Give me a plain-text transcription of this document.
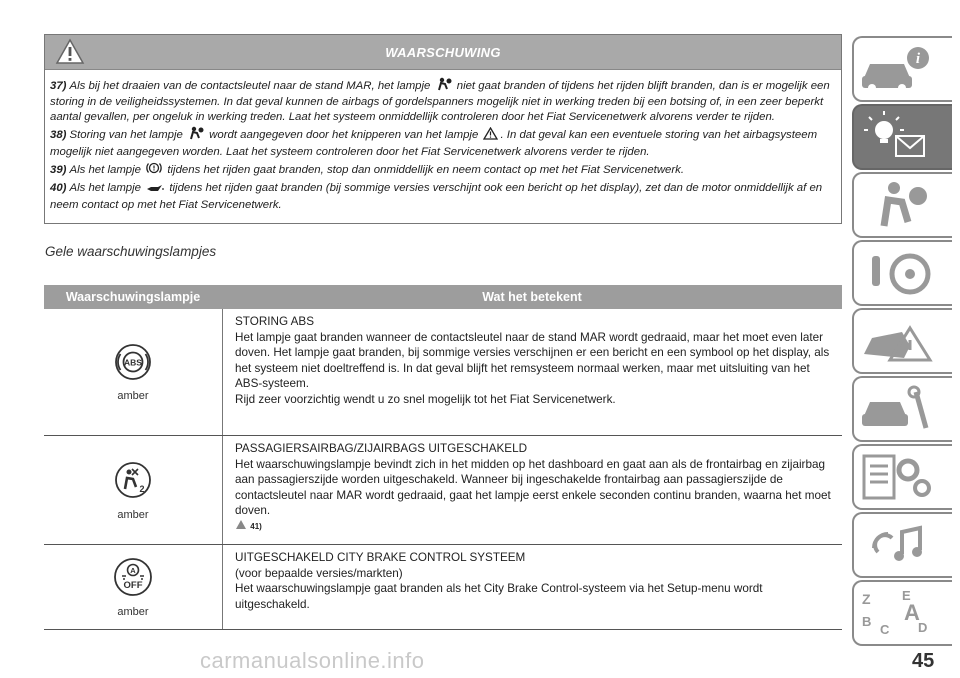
WAARSCHUWING

37) Als bij het draaien van de contactsleutel naar de stand MAR, het lampje niet gaat branden of tijdens het rijden blijft branden, dan is er mogelijk een storing in de veiligheidssystemen. In dat geval kunnen de airbags of gordelspanners mogelijk niet in werking treden bij een botsing of, in een zeer beperkt aantal gevallen, per ongeluk in werking treden. Laat het systeem onmiddellijk controleren door het Fiat Servicenetwerk alvorens verder te rijden.

38) Storing van het lampje wordt aangegeven door het knipperen van het lampje . In dat geval kan een eventuele storing van het airbagsysteem mogelijk niet aangegeven worden. Laat het systeem controleren door het Fiat Servicenetwerk alvorens verder te rijden.

39) Als het lampje tijdens het rijden gaat branden, stop dan onmiddellijk en neem contact op met het Fiat Servicenetwerk.

40) Als het lampje tijdens het rijden gaat branden (bij sommige versies verschijnt ook een bericht op het display), zet dan de motor onmiddellijk af en neem contact op met het Fiat Servicenetwerk.

Gele waarschuwingslampjes
Waarschuwingslampje	Wat het betekent
ABS
amber

STORING ABS

Het lampje gaat branden wanneer de contactsleutel naar de stand MAR wordt gedraaid, maar het moet even later doven. Het lampje gaat branden, bij sommige versies verschijnen er een bericht en een symbool op het display, als het systeem niet doeltreffend is. In dat geval blijft het remsysteem normaal werken, maar met uitsluiting van het ABS-systeem.

Rijd zeer voorzichtig wendt u zo snel mogelijk tot het Fiat Servicenetwerk.

2
amber

PASSAGIERSAIRBAG/ZIJAIRBAGS UITGESCHAKELD

Het waarschuwingslampje bevindt zich in het midden op het dashboard en gaat aan als de frontairbag en zijairbag aan passagierszijde worden uitgeschakeld. Wanneer bij ingeschakelde frontairbag aan passagierszijde de contactsleutel naar MAR wordt gedraaid, gaat het lampje eerst enkele seconden continu branden, waarna het moet doven.

41)

A
OFF
amber

UITGESCHAKELD CITY BRAKE CONTROL SYSTEEM

(voor bepaalde versies/markten)

Het waarschuwingslampje gaat branden als het City Brake Control-systeem via het Setup-menu wordt uitgeschakeld.

i
Z E
B A
C D
carmanualsonline.info	45
